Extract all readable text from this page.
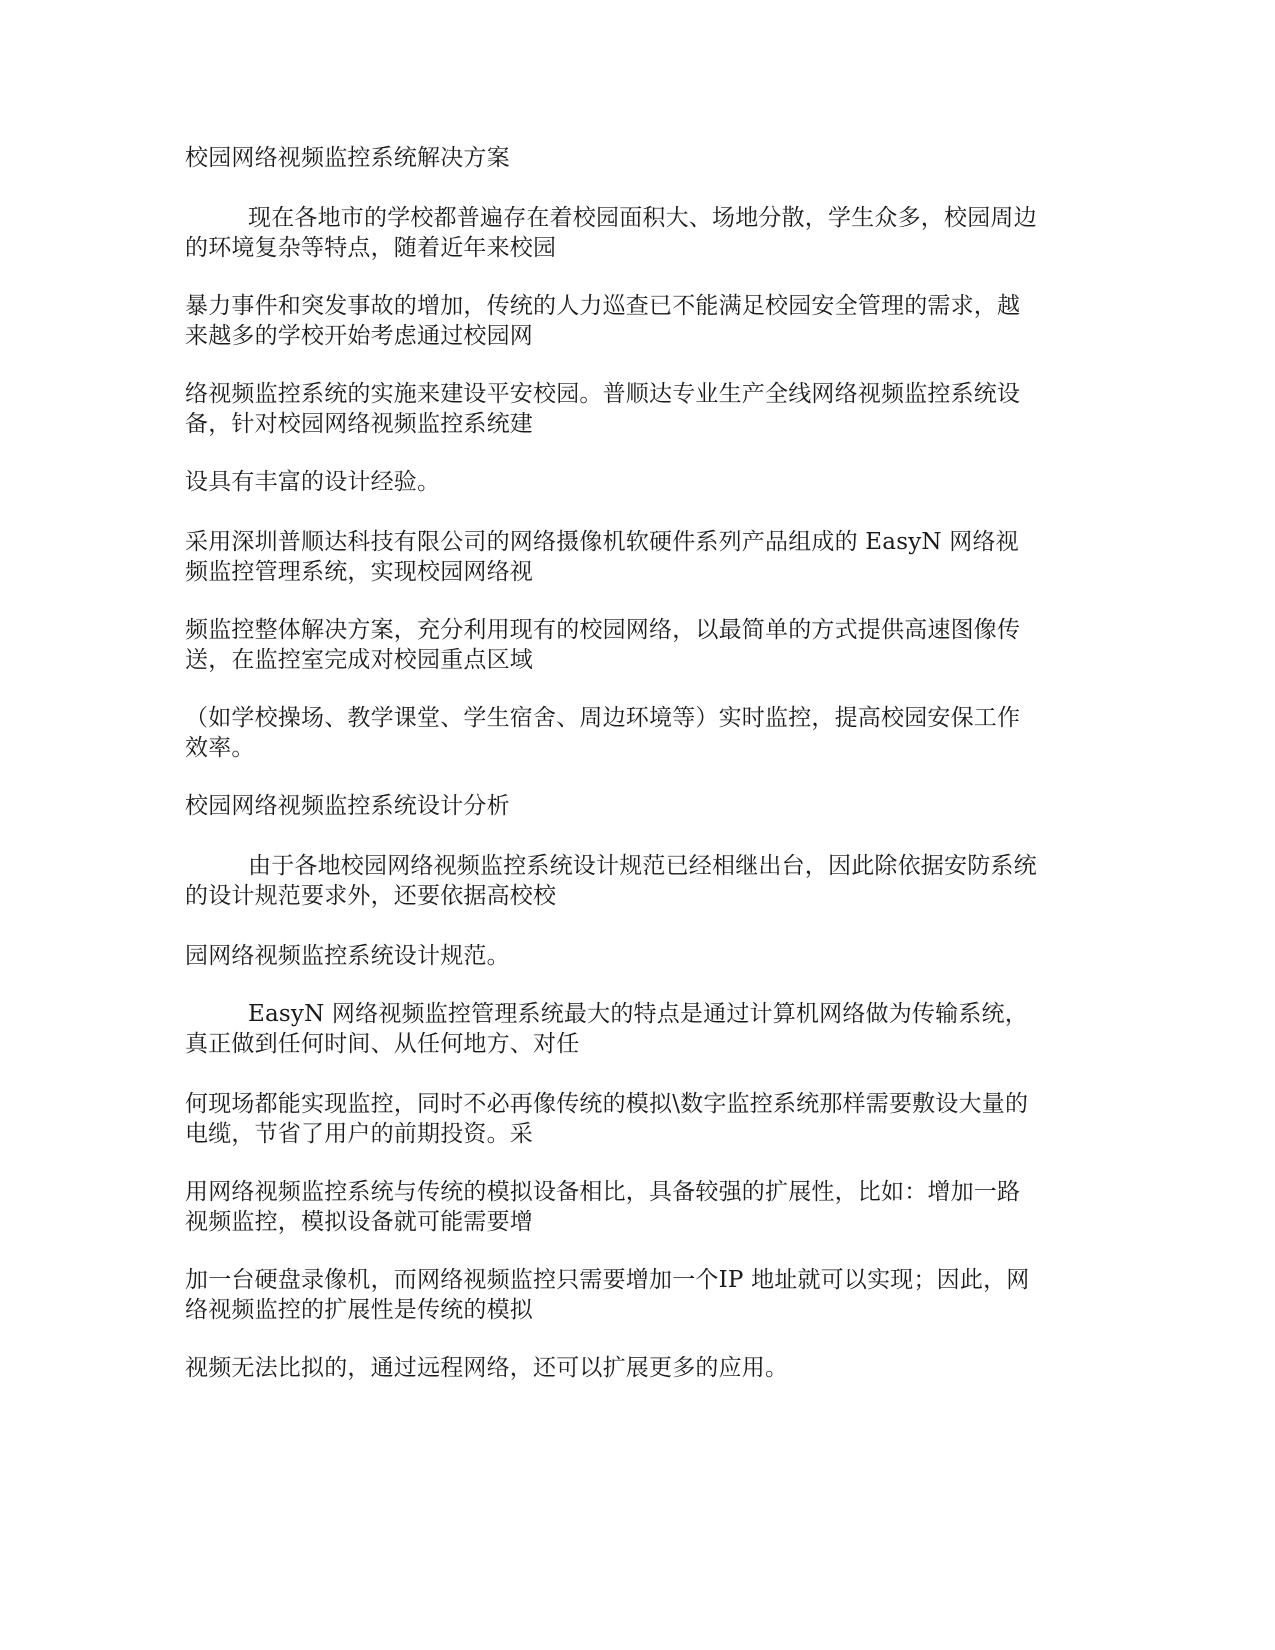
校园网络视频监控系统解决方案
现在各地市的学校都普遍存在着校园面积大、场地分散，学生众多，校园周边
的环境复杂等特点，随着近年来校园
暴力事件和突发事故的增加，传统的人力巡查已不能满足校园安全管理的需求，越
来越多的学校开始考虑通过校园网
络视频监控系统的实施来建设平安校园。普顺达专业生产全线网络视频监控系统设
备，针对校园网络视频监控系统建
设具有丰富的设计经验。
采用深圳普顺达科技有限公司的网络摄像机软硬件系列产品组成的 EasyN 网络视
频监控管理系统，实现校园网络视
频监控整体解决方案，充分利用现有的校园网络，以最简单的方式提供高速图像传
送，在监控室完成对校园重点区域
（如学校操场、教学课堂、学生宿舍、周边环境等）实时监控，提高校园安保工作
效率。
校园网络视频监控系统设计分析
由于各地校园网络视频监控系统设计规范已经相继出台，因此除依据安防系统
的设计规范要求外，还要依据高校校
园网络视频监控系统设计规范。
EasyN 网络视频监控管理系统最大的特点是通过计算机网络做为传输系统，
真正做到任何时间、从任何地方、对任
何现场都能实现监控，同时不必再像传统的模拟\数字监控系统那样需要敷设大量的
电缆，节省了用户的前期投资。采
用网络视频监控系统与传统的模拟设备相比，具备较强的扩展性，比如：增加一路
视频监控，模拟设备就可能需要增
加一台硬盘录像机，而网络视频监控只需要增加一个IP 地址就可以实现；因此，网
络视频监控的扩展性是传统的模拟
视频无法比拟的，通过远程网络，还可以扩展更多的应用。
